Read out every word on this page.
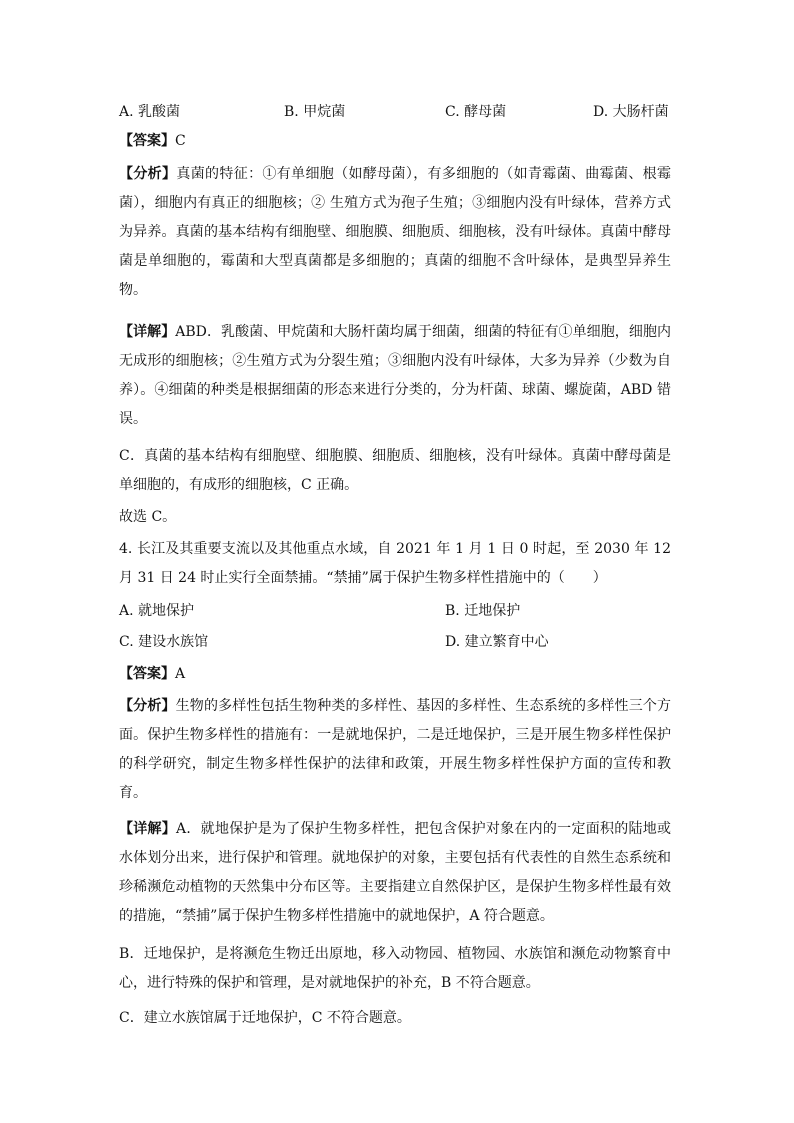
A. 乳酸菌	B. 甲烷菌	C. 酵母菌	D. 大肠杆菌
【答案】C
【分析】真菌的特征：①有单细胞（如酵母菌），有多细胞的（如青霉菌、曲霉菌、根霉菌），细胞内有真正的细胞核；② 生殖方式为孢子生殖；③细胞内没有叶绿体，营养方式为异养。真菌的基本结构有细胞壁、细胞膜、细胞质、细胞核，没有叶绿体。真菌中酵母菌是单细胞的，霉菌和大型真菌都是多细胞的；真菌的细胞不含叶绿体，是典型异养生物。
【详解】ABD．乳酸菌、甲烷菌和大肠杆菌均属于细菌，细菌的特征有①单细胞，细胞内无成形的细胞核；②生殖方式为分裂生殖；③细胞内没有叶绿体，大多为异养（少数为自养）。④细菌的种类是根据细菌的形态来进行分类的，分为杆菌、球菌、螺旋菌，ABD 错误。
C．真菌的基本结构有细胞壁、细胞膜、细胞质、细胞核，没有叶绿体。真菌中酵母菌是单细胞的，有成形的细胞核，C 正确。
故选 C。
4. 长江及其重要支流以及其他重点水域，自 2021 年 1 月 1 日 0 时起，至 2030 年 12 月 31 日 24 时止实行全面禁捕。“禁捕”属于保护生物多样性措施中的（　　）
A. 就地保护	B. 迁地保护
C. 建设水族馆	D. 建立繁育中心
【答案】A
【分析】生物的多样性包括生物种类的多样性、基因的多样性、生态系统的多样性三个方面。保护生物多样性的措施有：一是就地保护，二是迁地保护，三是开展生物多样性保护的科学研究，制定生物多样性保护的法律和政策，开展生物多样性保护方面的宣传和教育。
【详解】A．就地保护是为了保护生物多样性，把包含保护对象在内的一定面积的陆地或水体划分出来，进行保护和管理。就地保护的对象，主要包括有代表性的自然生态系统和珍稀濒危动植物的天然集中分布区等。主要指建立自然保护区，是保护生物多样性最有效的措施，“禁捕”属于保护生物多样性措施中的就地保护，A 符合题意。
B．迁地保护，是将濒危生物迁出原地，移入动物园、植物园、水族馆和濒危动物繁育中心，进行特殊的保护和管理，是对就地保护的补充，B 不符合题意。
C．建立水族馆属于迁地保护，C 不符合题意。
